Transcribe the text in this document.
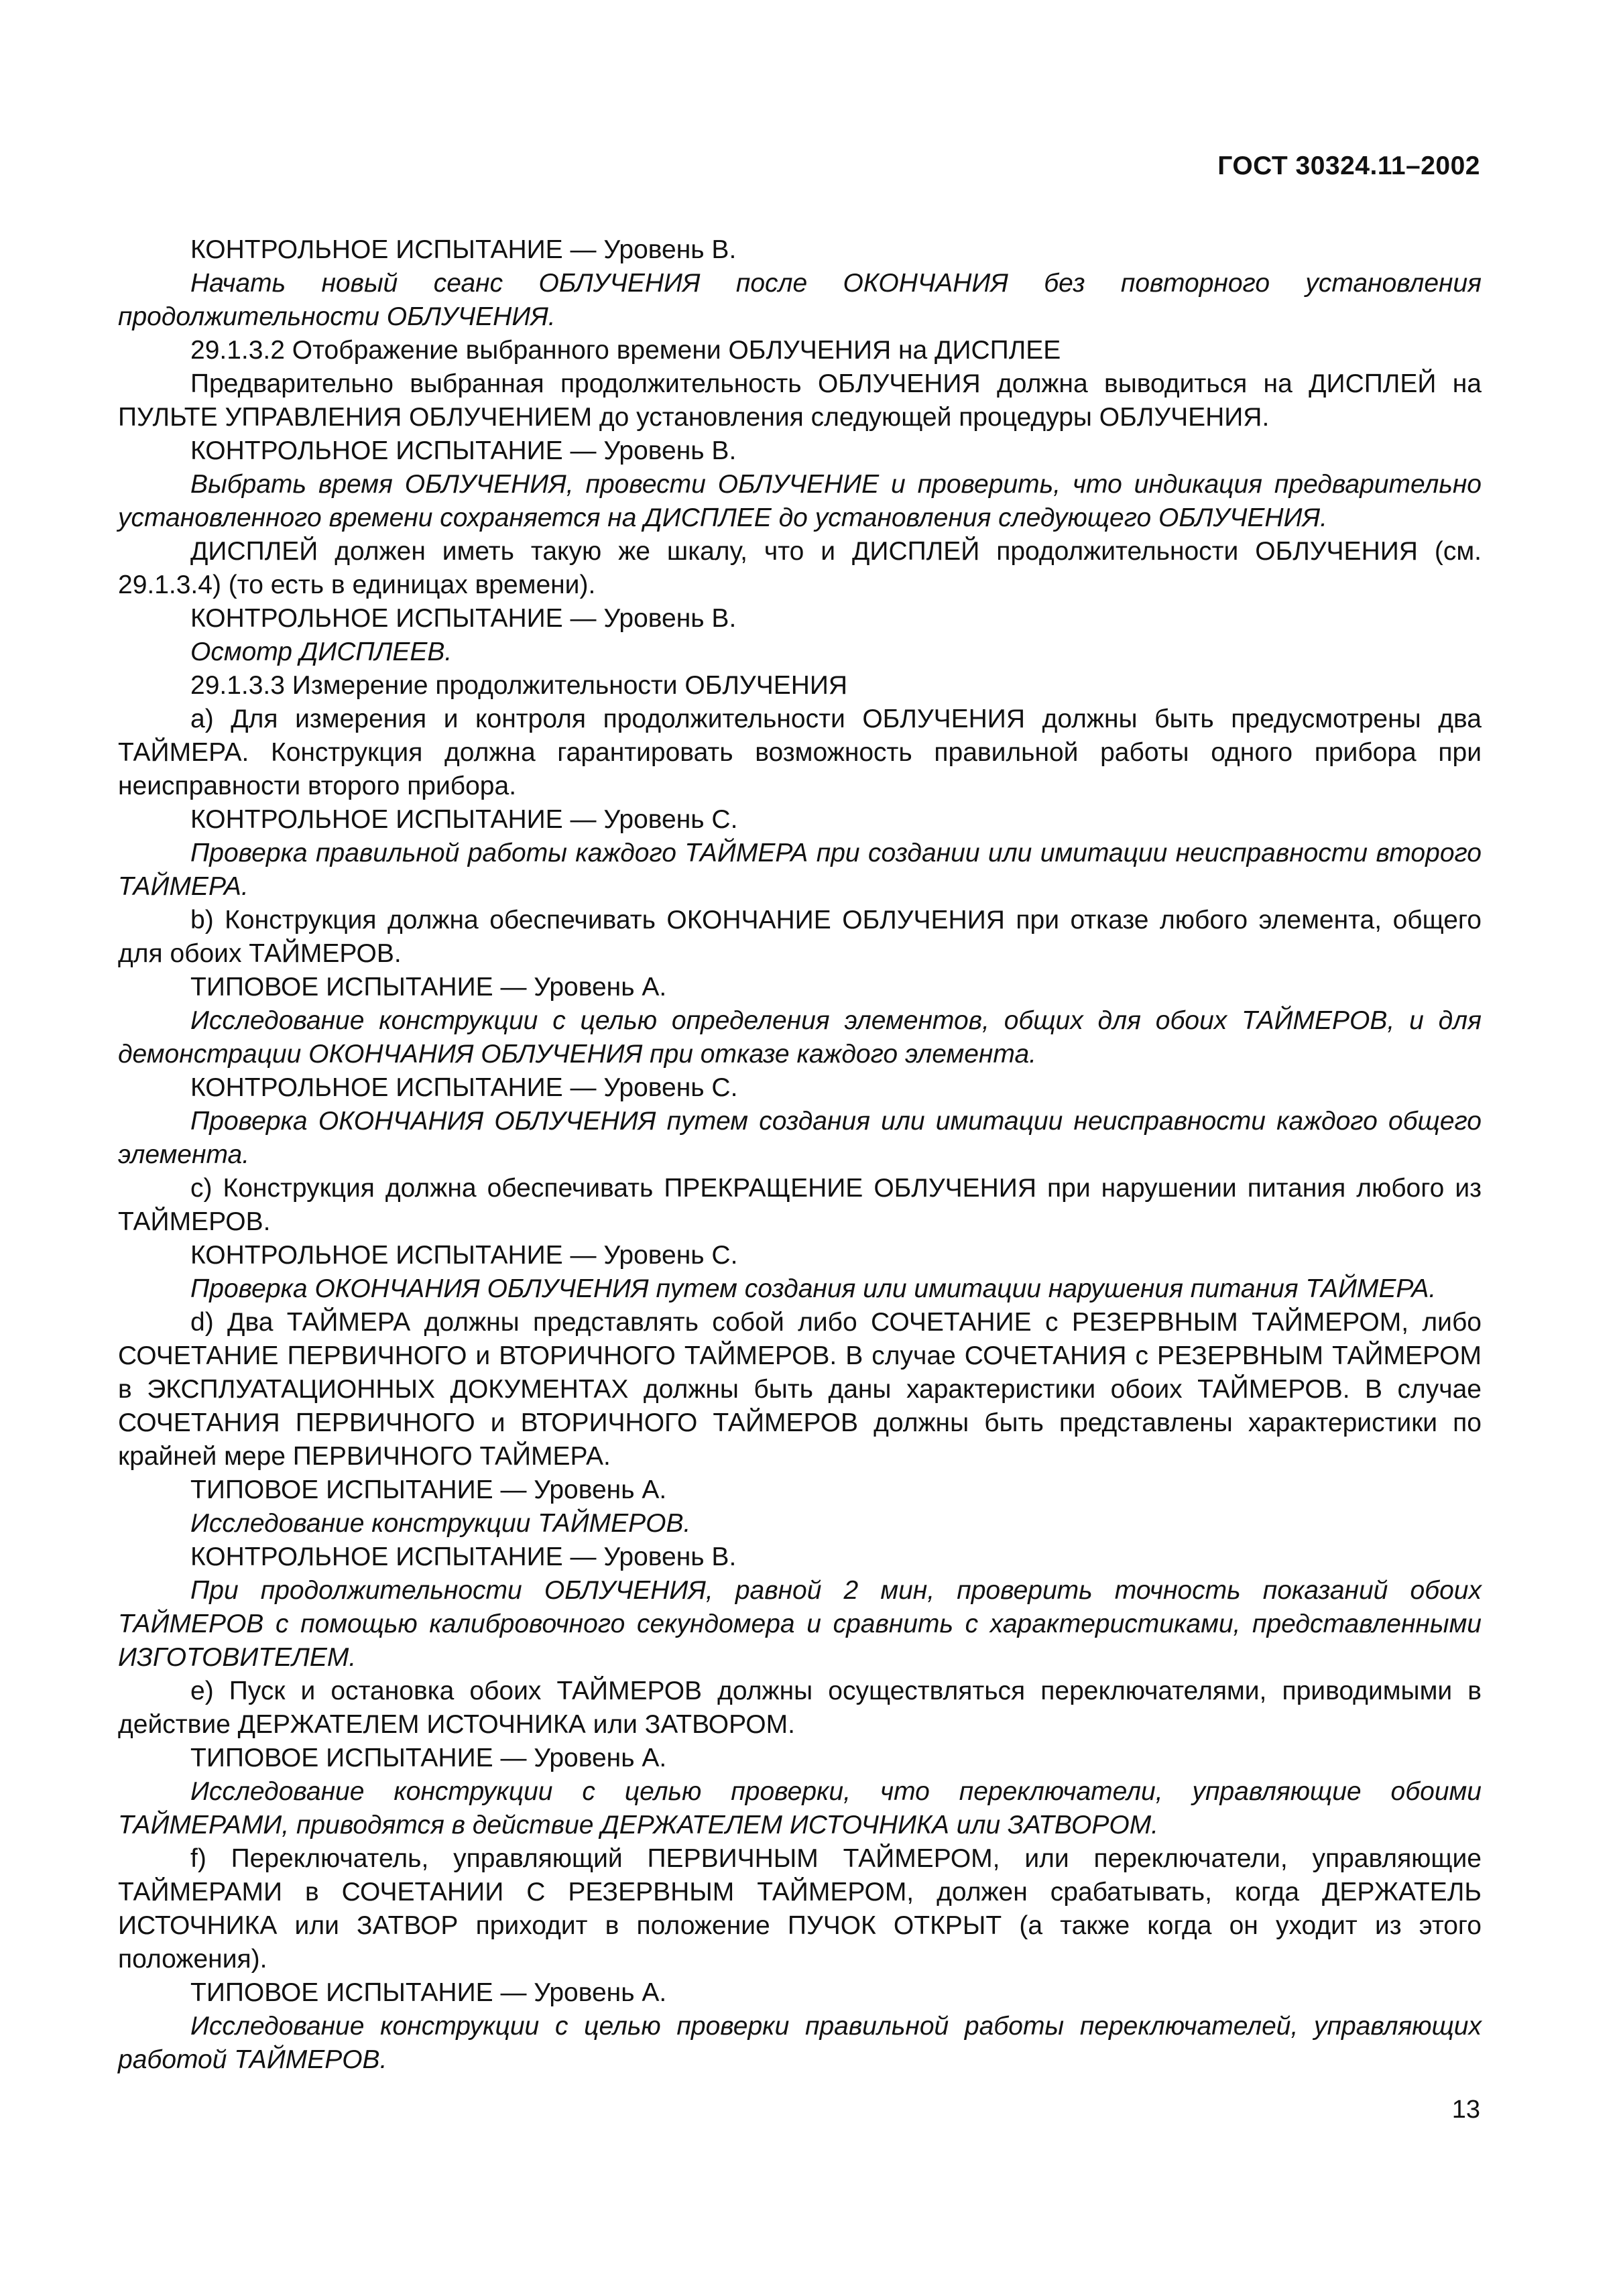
ГОСТ 30324.11–2002

КОНТРОЛЬНОЕ ИСПЫТАНИЕ — Уровень В.

Начать новый сеанс ОБЛУЧЕНИЯ после ОКОНЧАНИЯ без повторного установления продолжительности ОБЛУЧЕНИЯ.

29.1.3.2 Отображение выбранного времени ОБЛУЧЕНИЯ на ДИСПЛЕЕ

Предварительно выбранная продолжительность ОБЛУЧЕНИЯ должна выводиться на ДИСПЛЕЙ на ПУЛЬТЕ УПРАВЛЕНИЯ ОБЛУЧЕНИЕМ до установления следующей процедуры ОБЛУЧЕНИЯ.

КОНТРОЛЬНОЕ ИСПЫТАНИЕ — Уровень В.

Выбрать время ОБЛУЧЕНИЯ, провести ОБЛУЧЕНИЕ и проверить, что индикация предварительно установленного времени сохраняется на ДИСПЛЕЕ до установления следующего ОБЛУЧЕНИЯ.

ДИСПЛЕЙ должен иметь такую же шкалу, что и ДИСПЛЕЙ продолжительности ОБЛУЧЕНИЯ (см. 29.1.3.4) (то есть в единицах времени).

КОНТРОЛЬНОЕ ИСПЫТАНИЕ — Уровень В.

Осмотр ДИСПЛЕЕВ.

29.1.3.3 Измерение продолжительности ОБЛУЧЕНИЯ

а) Для измерения и контроля продолжительности ОБЛУЧЕНИЯ должны быть предусмотрены два ТАЙМЕРА. Конструкция должна гарантировать возможность правильной работы одного прибора при неисправности второго прибора.

КОНТРОЛЬНОЕ ИСПЫТАНИЕ — Уровень С.

Проверка правильной работы каждого ТАЙМЕРА при создании или имитации неисправности второго ТАЙМЕРА.

b) Конструкция должна обеспечивать ОКОНЧАНИЕ ОБЛУЧЕНИЯ при отказе любого элемента, общего для обоих ТАЙМЕРОВ.

ТИПОВОЕ ИСПЫТАНИЕ — Уровень А.

Исследование конструкции с целью определения элементов, общих для обоих ТАЙМЕРОВ, и для демонстрации ОКОНЧАНИЯ ОБЛУЧЕНИЯ при отказе каждого элемента.

КОНТРОЛЬНОЕ ИСПЫТАНИЕ — Уровень С.

Проверка ОКОНЧАНИЯ ОБЛУЧЕНИЯ путем создания или имитации неисправности каждого общего элемента.

с) Конструкция должна обеспечивать ПРЕКРАЩЕНИЕ ОБЛУЧЕНИЯ при нарушении питания любого из ТАЙМЕРОВ.

КОНТРОЛЬНОЕ ИСПЫТАНИЕ — Уровень С.

Проверка ОКОНЧАНИЯ ОБЛУЧЕНИЯ путем создания или имитации нарушения питания ТАЙМЕРА.

d) Два ТАЙМЕРА должны представлять собой либо СОЧЕТАНИЕ с РЕЗЕРВНЫМ ТАЙМЕРОМ, либо СОЧЕТАНИЕ ПЕРВИЧНОГО и ВТОРИЧНОГО ТАЙМЕРОВ. В случае СОЧЕТАНИЯ с РЕЗЕРВНЫМ ТАЙМЕРОМ в ЭКСПЛУАТАЦИОННЫХ ДОКУМЕНТАХ должны быть даны характеристики обоих ТАЙМЕРОВ. В случае СОЧЕТАНИЯ ПЕРВИЧНОГО и ВТОРИЧНОГО ТАЙМЕРОВ должны быть представлены характеристики по крайней мере ПЕРВИЧНОГО ТАЙМЕРА.

ТИПОВОЕ ИСПЫТАНИЕ — Уровень А.

Исследование конструкции ТАЙМЕРОВ.

КОНТРОЛЬНОЕ ИСПЫТАНИЕ — Уровень В.

При продолжительности ОБЛУЧЕНИЯ, равной 2 мин, проверить точность показаний обоих ТАЙМЕРОВ с помощью калибровочного секундомера и сравнить с характеристиками, представленными ИЗГОТОВИТЕЛЕМ.

е) Пуск и остановка обоих ТАЙМЕРОВ должны осуществляться переключателями, приводимыми в действие ДЕРЖАТЕЛЕМ ИСТОЧНИКА или ЗАТВОРОМ.

ТИПОВОЕ ИСПЫТАНИЕ — Уровень А.

Исследование конструкции с целью проверки, что переключатели, управляющие обоими ТАЙМЕРАМИ, приводятся в действие ДЕРЖАТЕЛЕМ ИСТОЧНИКА или ЗАТВОРОМ.

f) Переключатель, управляющий ПЕРВИЧНЫМ ТАЙМЕРОМ, или переключатели, управляющие ТАЙМЕРАМИ в СОЧЕТАНИИ С РЕЗЕРВНЫМ ТАЙМЕРОМ, должен срабатывать, когда ДЕРЖАТЕЛЬ ИСТОЧНИКА или ЗАТВОР приходит в положение ПУЧОК ОТКРЫТ (а также когда он уходит из этого положения).

ТИПОВОЕ ИСПЫТАНИЕ — Уровень А.

Исследование конструкции с целью проверки правильной работы переключателей, управляющих работой ТАЙМЕРОВ.

13
